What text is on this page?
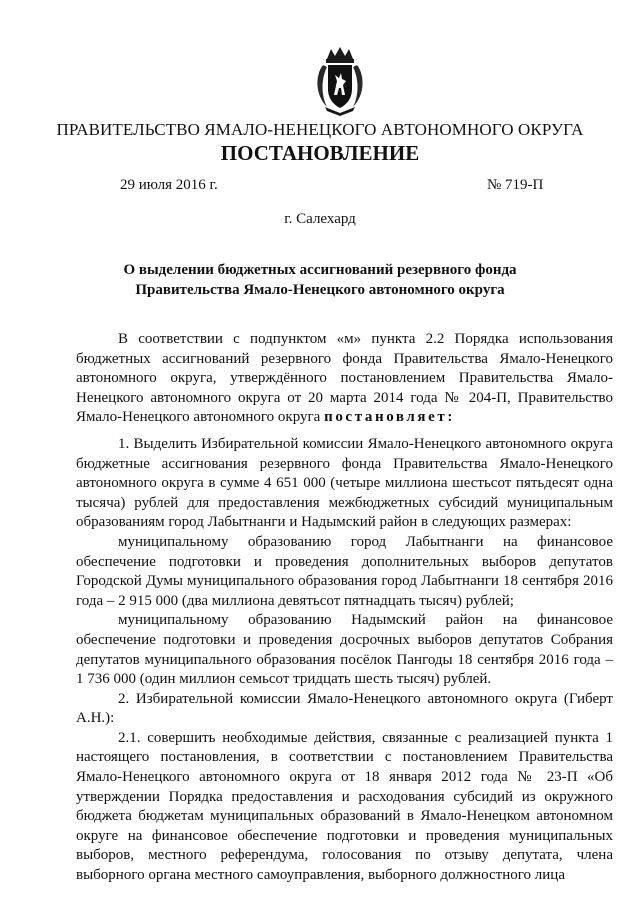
ПРАВИТЕЛЬСТВО ЯМАЛО-НЕНЕЦКОГО АВТОНОМНОГО ОКРУГА
ПОСТАНОВЛЕНИЕ
29 июля 2016 г.	№ 719-П
г. Салехард
О выделении бюджетных ассигнований резервного фонда
Правительства Ямало-Ненецкого автономного округа

В соответствии с подпунктом «м» пункта 2.2 Порядка использования бюджетных ассигнований резервного фонда Правительства Ямало-Ненецкого автономного округа, утверждённого постановлением Правительства Ямало-Ненецкого автономного округа от 20 марта 2014 года № 204-П, Правительство Ямало-Ненецкого автономного округа постановляет:

1. Выделить Избирательной комиссии Ямало-Ненецкого автономного округа бюджетные ассигнования резервного фонда Правительства Ямало-Ненецкого автономного округа в сумме 4 651 000 (четыре миллиона шестьсот пятьдесят одна тысяча) рублей для предоставления межбюджетных субсидий муниципальным образованиям город Лабытнанги и Надымский район в следующих размерах:

муниципальному образованию город Лабытнанги на финансовое обеспечение подготовки и проведения дополнительных выборов депутатов Городской Думы муниципального образования город Лабытнанги 18 сентября 2016 года – 2 915 000 (два миллиона девятьсот пятнадцать тысяч) рублей;

муниципальному образованию Надымский район на финансовое обеспечение подготовки и проведения досрочных выборов депутатов Собрания депутатов муниципального образования посёлок Пангоды 18 сентября 2016 года – 1 736 000 (один миллион семьсот тридцать шесть тысяч) рублей.

2. Избирательной комиссии Ямало-Ненецкого автономного округа (Гиберт А.Н.):

2.1. совершить необходимые действия, связанные с реализацией пункта 1 настоящего постановления, в соответствии с постановлением Правительства Ямало-Ненецкого автономного округа от 18 января 2012 года № 23-П «Об утверждении Порядка предоставления и расходования субсидий из окружного бюджета бюджетам муниципальных образований в Ямало-Ненецком автономном округе на финансовое обеспечение подготовки и проведения муниципальных выборов, местного референдума, голосования по отзыву депутата, члена выборного органа местного самоуправления, выборного должностного лица
